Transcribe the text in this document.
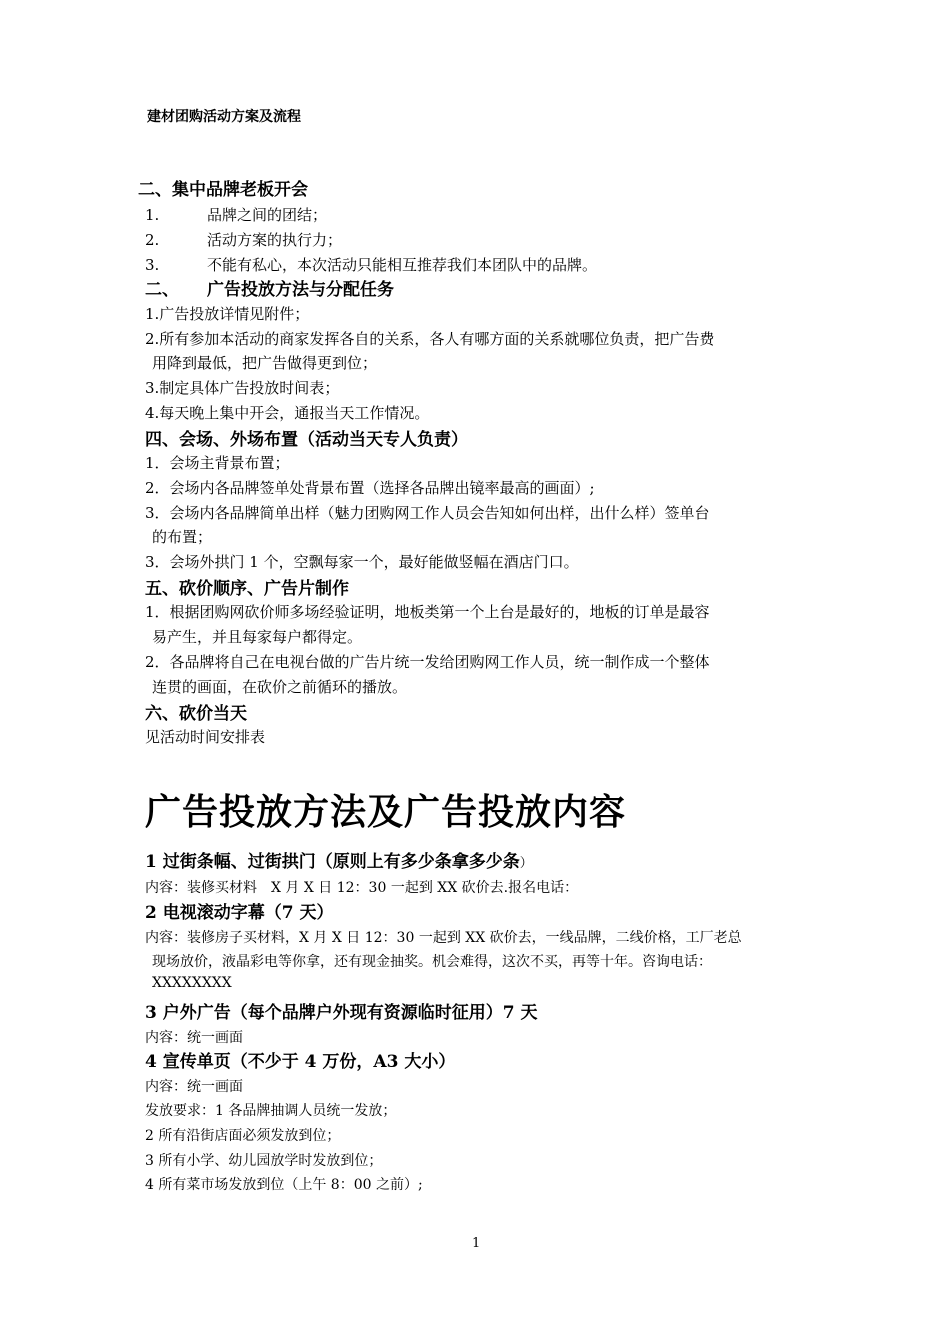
建材团购活动方案及流程
二、集中品牌老板开会
1.	品牌之间的团结；
2.	活动方案的执行力；
3.	不能有私心，本次活动只能相互推荐我们本团队中的品牌。
二、 广告投放方法与分配任务
1.广告投放详情见附件；
2.所有参加本活动的商家发挥各自的关系，各人有哪方面的关系就哪位负责，把广告费
用降到最低，把广告做得更到位；
3.制定具体广告投放时间表；
4.每天晚上集中开会，通报当天工作情况。
四、会场、外场布置（活动当天专人负责）
1．会场主背景布置；
2．会场内各品牌签单处背景布置（选择各品牌出镜率最高的画面）;
3．会场内各品牌简单出样（魅力团购网工作人员会告知如何出样，出什么样）签单台
的布置；
3．会场外拱门 1 个，空飘每家一个，最好能做竖幅在酒店门口。
五、砍价顺序、广告片制作
1．根据团购网砍价师多场经验证明，地板类第一个上台是最好的，地板的订单是最容
易产生，并且每家每户都得定。
2．各品牌将自己在电视台做的广告片统一发给团购网工作人员，统一制作成一个整体
连贯的画面，在砍价之前循环的播放。
六、砍价当天
见活动时间安排表
广告投放方法及广告投放内容
1 过街条幅、过街拱门（原则上有多少条拿多少条）
内容：装修买材料　X 月 X 日 12：30 一起到 XX 砍价去.报名电话：
2 电视滚动字幕（7 天）
内容：装修房子买材料，X 月 X 日 12：30 一起到 XX 砍价去，一线品牌，二线价格，工厂老总
现场放价，液晶彩电等你拿，还有现金抽奖。机会难得，这次不买，再等十年。咨询电话：
XXXXXXXX
3 户外广告（每个品牌户外现有资源临时征用）7 天
内容：统一画面
4 宣传单页（不少于 4 万份，A3 大小）
内容：统一画面
发放要求：1 各品牌抽调人员统一发放；
2 所有沿街店面必须发放到位；
3 所有小学、幼儿园放学时发放到位；
4 所有菜市场发放到位（上午 8：00 之前）;
1
